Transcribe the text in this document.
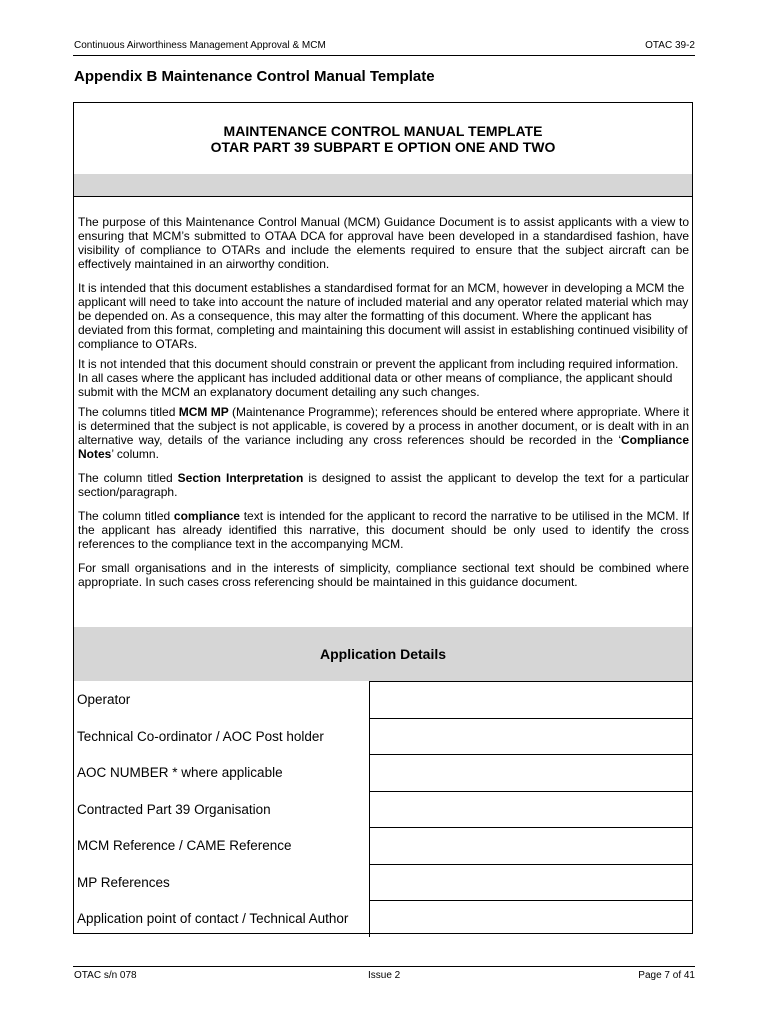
Continuous Airworthiness Management Approval & MCM	OTAC 39-2
Appendix B Maintenance Control Manual Template
MAINTENANCE CONTROL MANUAL TEMPLATE
OTAR PART 39 SUBPART E OPTION ONE AND TWO

The purpose of this Maintenance Control Manual (MCM) Guidance Document is to assist applicants with a view to ensuring that MCM’s submitted to OTAA DCA for approval have been developed in a standardised fashion, have visibility of compliance to OTARs and include the elements required to ensure that the subject aircraft can be effectively maintained in an airworthy condition.

It is intended that this document establishes a standardised format for an MCM, however in developing a MCM the applicant will need to take into account the nature of included material and any operator related material which may be depended on. As a consequence, this may alter the formatting of this document. Where the applicant has deviated from this format, completing and maintaining this document will assist in establishing continued visibility of compliance to OTARs.

It is not intended that this document should constrain or prevent the applicant from including required information. In all cases where the applicant has included additional data or other means of compliance, the applicant should submit with the MCM an explanatory document detailing any such changes.

The columns titled MCM MP (Maintenance Programme); references should be entered where appropriate. Where it is determined that the subject is not applicable, is covered by a process in another document, or is dealt with in an alternative way, details of the variance including any cross references should be recorded in the ‘Compliance Notes’ column.

The column titled Section Interpretation is designed to assist the applicant to develop the text for a particular section/paragraph.

The column titled compliance text is intended for the applicant to record the narrative to be utilised in the MCM. If the applicant has already identified this narrative, this document should be only used to identify the cross references to the compliance text in the accompanying MCM.

For small organisations and in the interests of simplicity, compliance sectional text should be combined where appropriate. In such cases cross referencing should be maintained in this guidance document.

Application Details
Operator	
Technical Co-ordinator / AOC Post holder	
AOC NUMBER * where applicable	
Contracted Part 39 Organisation	
MCM Reference / CAME Reference	
MP References	
Application point of contact / Technical Author	
OTAC s/n 078	Issue 2	Page 7 of 41
